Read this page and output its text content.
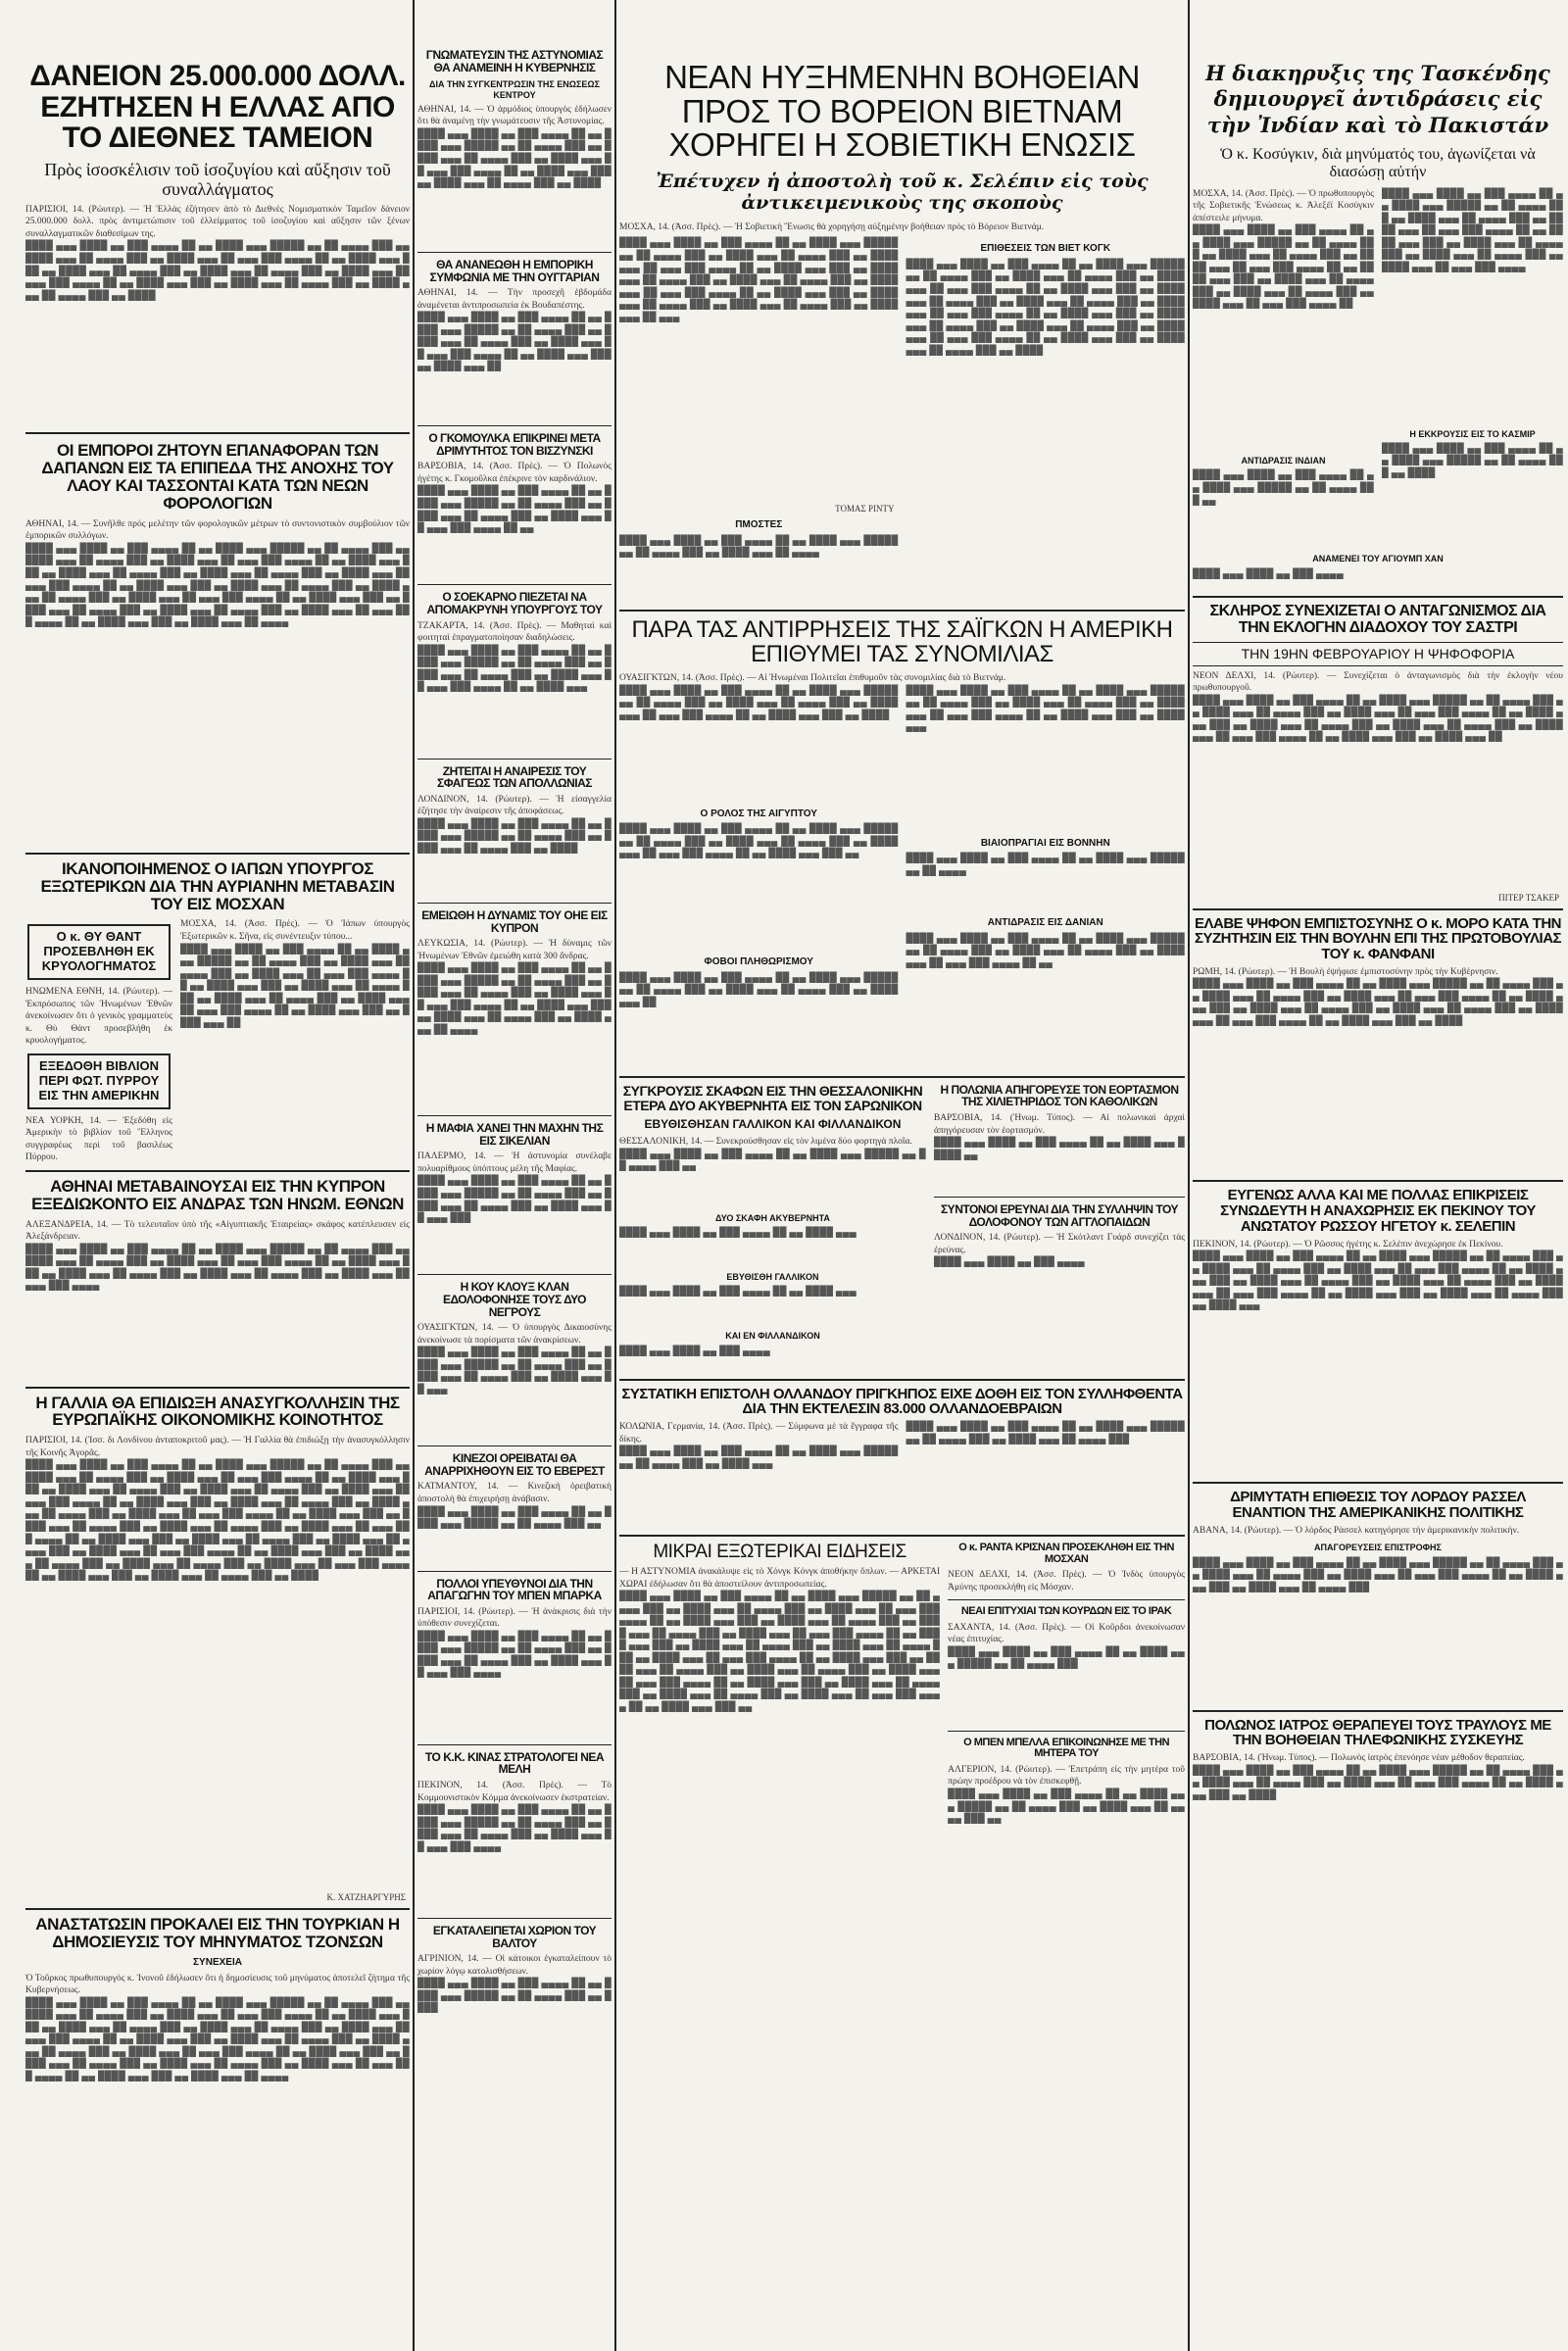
ΔΑΝΕΙΟΝ 25.000.000 ΔΟΛΛ. ΕΖΗΤΗΣΕΝ Η ΕΛΛΑΣ ΑΠΟ ΤΟ ΔΙΕΘΝΕΣ ΤΑΜΕΙΟΝ
Πρὸς ἰσοσκέλισιν τοῦ ἰσοζυγίου καὶ αὔξησιν τοῦ συναλλάγματος

ΠΑΡΙΣΙΟΙ, 14. (Ρώυτερ). — Ἡ Ἑλλὰς ἐζήτησεν ἀπὸ τὸ Διεθνὲς Νομισματικὸν Ταμεῖον δάνειον 25.000.000 δολλ. πρὸς ἀντιμετώπισιν τοῦ ἐλλείμματος τοῦ ἰσοζυγίου καὶ αὔξησιν τῶν ξένων συναλλαγματικῶν διαθεσίμων της.

████ ▄▄▄ ████ ▄▄ ███ ▄▄▄▄ ██ ▄▄ ████ ▄▄▄ █████ ▄▄ ██ ▄▄▄▄ ███ ▄▄ ████ ▄▄▄ ██ ▄▄▄▄ ███ ▄▄ ████ ▄▄▄ ██ ▄▄▄ ███ ▄▄▄▄ ██ ▄▄ ████ ▄▄▄ ███ ▄▄ ████ ▄▄▄ ██ ▄▄▄▄ ███ ▄▄ ████ ▄▄▄ ██ ▄▄▄▄ ███ ▄▄ ████ ▄▄▄ ██ ▄▄▄ ███ ▄▄▄▄ ██ ▄▄ ████ ▄▄▄ ███ ▄▄ ████ ▄▄▄ ██ ▄▄▄▄ ███ ▄▄ ████ ▄▄▄ ██ ▄▄▄▄ ███ ▄▄ ████

ΟΙ ΕΜΠΟΡΟΙ ΖΗΤΟΥΝ ΕΠΑΝΑΦΟΡΑΝ ΤΩΝ ΔΑΠΑΝΩΝ ΕΙΣ ΤΑ ΕΠΙΠΕΔΑ ΤΗΣ ΑΝΟΧΗΣ ΤΟΥ ΛΑΟΥ ΚΑΙ ΤΑΣΣΟΝΤΑΙ ΚΑΤΑ ΤΩΝ ΝΕΩΝ ΦΟΡΟΛΟΓΙΩΝ

ΑΘΗΝΑΙ, 14. — Συνῆλθε πρὸς μελέτην τῶν φορολογικῶν μέτρων τὸ συντονιστικὸν συμβούλιον τῶν ἐμπορικῶν συλλόγων.

████ ▄▄▄ ████ ▄▄ ███ ▄▄▄▄ ██ ▄▄ ████ ▄▄▄ █████ ▄▄ ██ ▄▄▄▄ ███ ▄▄ ████ ▄▄▄ ██ ▄▄▄▄ ███ ▄▄ ████ ▄▄▄ ██ ▄▄▄ ███ ▄▄▄▄ ██ ▄▄ ████ ▄▄▄ ███ ▄▄ ████ ▄▄▄ ██ ▄▄▄▄ ███ ▄▄ ████ ▄▄▄ ██ ▄▄▄▄ ███ ▄▄ ████ ▄▄▄ ██ ▄▄▄ ███ ▄▄▄▄ ██ ▄▄ ████ ▄▄▄ ███ ▄▄ ████ ▄▄▄ ██ ▄▄▄▄ ███ ▄▄ ████ ▄▄▄ ██ ▄▄▄▄ ███ ▄▄ ████ ▄▄▄ ██ ▄▄▄ ███ ▄▄▄▄ ██ ▄▄ ████ ▄▄▄ ███ ▄▄ ████ ▄▄▄ ██ ▄▄▄▄ ███ ▄▄ ████ ▄▄▄ ██ ▄▄▄▄ ███ ▄▄ ████ ▄▄▄ ██ ▄▄▄ ███ ▄▄▄▄ ██ ▄▄ ████ ▄▄▄ ███ ▄▄ ████ ▄▄▄ ██ ▄▄▄▄

ΙΚΑΝΟΠΟΙΗΜΕΝΟΣ Ο ΙΑΠΩΝ ΥΠΟΥΡΓΟΣ ΕΞΩΤΕΡΙΚΩΝ ΔΙΑ ΤΗΝ ΑΥΡΙΑΝΗΝ ΜΕΤΑΒΑΣΙΝ ΤΟΥ ΕΙΣ ΜΟΣΧΑΝ
Ο κ. ΘΥ ΘΑΝΤ ΠΡΟΣΕΒΛΗΘΗ ΕΚ ΚΡΥΟΛΟΓΗΜΑΤΟΣ

ΗΝΩΜΕΝΑ ΕΘΝΗ, 14. (Ρώυτερ). — Ἐκπρόσωπος τῶν Ἡνωμένων Ἐθνῶν ἀνεκοίνωσεν ὅτι ὁ γενικὸς γραμματεὺς κ. Θὺ Θὰντ προσεβλήθη ἐκ κρυολογήματος.

ΕΞΕΔΟΘΗ ΒΙΒΛΙΟΝ ΠΕΡΙ ΦΩΤ. ΠΥΡΡΟΥ ΕΙΣ ΤΗΝ ΑΜΕΡΙΚΗΝ

ΝΕΑ ΥΟΡΚΗ, 14. — Ἐξεδόθη εἰς Ἀμερικὴν τὸ βιβλίον τοῦ Ἕλληνος συγγραφέως περὶ τοῦ βασιλέως Πύρρου.

ΜΟΣΧΑ, 14. (Ἀσσ. Πρὲς). — Ὁ Ἰάπων ὑπουργὸς Ἐξωτερικῶν κ. Σῆνα, εἰς συνέντευξιν τύπου...

████ ▄▄▄ ████ ▄▄ ███ ▄▄▄▄ ██ ▄▄ ████ ▄▄▄ █████ ▄▄ ██ ▄▄▄▄ ███ ▄▄ ████ ▄▄▄ ██ ▄▄▄▄ ███ ▄▄ ████ ▄▄▄ ██ ▄▄▄ ███ ▄▄▄▄ ██ ▄▄ ████ ▄▄▄ ███ ▄▄ ████ ▄▄▄ ██ ▄▄▄▄ ███ ▄▄ ████ ▄▄▄ ██ ▄▄▄▄ ███ ▄▄ ████ ▄▄▄ ██ ▄▄▄ ███ ▄▄▄▄ ██ ▄▄ ████ ▄▄▄ ███ ▄▄ ████ ▄▄▄ ██

ΑΘΗΝΑΙ ΜΕΤΑΒΑΙΝΟΥΣΑΙ ΕΙΣ ΤΗΝ ΚΥΠΡΟΝ ΕΞΕΔΙΩΚΟΝΤΟ ΕΙΣ ΑΝΔΡΑΣ ΤΩΝ ΗΝΩΜ. ΕΘΝΩΝ

ΑΛΕΞΑΝΔΡΕΙΑ, 14. — Τὸ τελευταῖον ὑπὸ τῆς «Αἰγυπτιακῆς Ἐταιρείας» σκάφος κατέπλευσεν εἰς Ἀλεξάνδρειαν.

████ ▄▄▄ ████ ▄▄ ███ ▄▄▄▄ ██ ▄▄ ████ ▄▄▄ █████ ▄▄ ██ ▄▄▄▄ ███ ▄▄ ████ ▄▄▄ ██ ▄▄▄▄ ███ ▄▄ ████ ▄▄▄ ██ ▄▄▄ ███ ▄▄▄▄ ██ ▄▄ ████ ▄▄▄ ███ ▄▄ ████ ▄▄▄ ██ ▄▄▄▄ ███ ▄▄ ████ ▄▄▄ ██ ▄▄▄▄ ███ ▄▄ ████ ▄▄▄ ██ ▄▄▄ ███ ▄▄▄▄

Η ΓΑΛΛΙΑ ΘΑ ΕΠΙΔΙΩΞΗ ΑΝΑΣΥΓΚΟΛΛΗΣΙΝ ΤΗΣ ΕΥΡΩΠΑΪΚΗΣ ΟΙΚΟΝΟΜΙΚΗΣ ΚΟΙΝΟΤΗΤΟΣ

ΠΑΡΙΣΙΟΙ, 14. (Ἰσσ. δι Λονδίνου ἀνταποκριτοῦ μας). — Ἡ Γαλλία θὰ ἐπιδιώξῃ τὴν ἀνασυγκόλλησιν τῆς Κοινῆς Ἀγορᾶς.

████ ▄▄▄ ████ ▄▄ ███ ▄▄▄▄ ██ ▄▄ ████ ▄▄▄ █████ ▄▄ ██ ▄▄▄▄ ███ ▄▄ ████ ▄▄▄ ██ ▄▄▄▄ ███ ▄▄ ████ ▄▄▄ ██ ▄▄▄ ███ ▄▄▄▄ ██ ▄▄ ████ ▄▄▄ ███ ▄▄ ████ ▄▄▄ ██ ▄▄▄▄ ███ ▄▄ ████ ▄▄▄ ██ ▄▄▄▄ ███ ▄▄ ████ ▄▄▄ ██ ▄▄▄ ███ ▄▄▄▄ ██ ▄▄ ████ ▄▄▄ ███ ▄▄ ████ ▄▄▄ ██ ▄▄▄▄ ███ ▄▄ ████ ▄▄▄ ██ ▄▄▄▄ ███ ▄▄ ████ ▄▄▄ ██ ▄▄▄ ███ ▄▄▄▄ ██ ▄▄ ████ ▄▄▄ ███ ▄▄ ████ ▄▄▄ ██ ▄▄▄▄ ███ ▄▄ ████ ▄▄▄ ██ ▄▄▄▄ ███ ▄▄ ████ ▄▄▄ ██ ▄▄▄ ███ ▄▄▄▄ ██ ▄▄ ████ ▄▄▄ ███ ▄▄ ████ ▄▄▄ ██ ▄▄▄▄ ███ ▄▄ ████ ▄▄▄ ██ ▄▄▄▄ ███ ▄▄ ████ ▄▄▄ ██ ▄▄▄ ███ ▄▄▄▄ ██ ▄▄ ████ ▄▄▄ ███ ▄▄ ████ ▄▄▄ ██ ▄▄▄▄ ███ ▄▄ ████ ▄▄▄ ██ ▄▄▄▄ ███ ▄▄ ████ ▄▄▄ ██ ▄▄▄ ███ ▄▄▄▄ ██ ▄▄ ████ ▄▄▄ ███ ▄▄ ████ ▄▄▄ ██ ▄▄▄▄ ███ ▄▄ ████

Κ. ΧΑΤΖΗΑΡΓΥΡΗΣ

ΑΝΑΣΤΑΤΩΣΙΝ ΠΡΟΚΑΛΕΙ ΕΙΣ ΤΗΝ ΤΟΥΡΚΙΑΝ Η ΔΗΜΟΣΙΕΥΣΙΣ ΤΟΥ ΜΗΝΥΜΑΤΟΣ ΤΖΟΝΣΩΝ
ΣΥΝΕΧΕΙΑ

Ὁ Τοῦρκος πρωθυπουργὸς κ. Ἰνονοῦ ἐδήλωσεν ὅτι ἡ δημοσίευσις τοῦ μηνύματος ἀποτελεῖ ζήτημα τῆς Κυβερνήσεως.

████ ▄▄▄ ████ ▄▄ ███ ▄▄▄▄ ██ ▄▄ ████ ▄▄▄ █████ ▄▄ ██ ▄▄▄▄ ███ ▄▄ ████ ▄▄▄ ██ ▄▄▄▄ ███ ▄▄ ████ ▄▄▄ ██ ▄▄▄ ███ ▄▄▄▄ ██ ▄▄ ████ ▄▄▄ ███ ▄▄ ████ ▄▄▄ ██ ▄▄▄▄ ███ ▄▄ ████ ▄▄▄ ██ ▄▄▄▄ ███ ▄▄ ████ ▄▄▄ ██ ▄▄▄ ███ ▄▄▄▄ ██ ▄▄ ████ ▄▄▄ ███ ▄▄ ████ ▄▄▄ ██ ▄▄▄▄ ███ ▄▄ ████ ▄▄▄ ██ ▄▄▄▄ ███ ▄▄ ████ ▄▄▄ ██ ▄▄▄ ███ ▄▄▄▄ ██ ▄▄ ████ ▄▄▄ ███ ▄▄ ████ ▄▄▄ ██ ▄▄▄▄ ███ ▄▄ ████ ▄▄▄ ██ ▄▄▄▄ ███ ▄▄ ████ ▄▄▄ ██ ▄▄▄ ███ ▄▄▄▄ ██ ▄▄ ████ ▄▄▄ ███ ▄▄ ████ ▄▄▄ ██ ▄▄▄▄

ΓΝΩΜΑΤΕΥΣΙΝ ΤΗΣ ΑΣΤΥΝΟΜΙΑΣ ΘΑ ΑΝΑΜΕΙΝΗ Η ΚΥΒΕΡΝΗΣΙΣ
ΔΙΑ ΤΗΝ ΣΥΓΚΕΝΤΡΩΣΙΝ ΤΗΣ ΕΝΩΣΕΩΣ ΚΕΝΤΡΟΥ

ΑΘΗΝΑΙ, 14. — Ὁ ἀρμόδιος ὑπουργὸς ἐδήλωσεν ὅτι θὰ ἀναμένῃ τὴν γνωμάτευσιν τῆς Ἀστυνομίας.

████ ▄▄▄ ████ ▄▄ ███ ▄▄▄▄ ██ ▄▄ ████ ▄▄▄ █████ ▄▄ ██ ▄▄▄▄ ███ ▄▄ ████ ▄▄▄ ██ ▄▄▄▄ ███ ▄▄ ████ ▄▄▄ ██ ▄▄▄ ███ ▄▄▄▄ ██ ▄▄ ████ ▄▄▄ ███ ▄▄ ████ ▄▄▄ ██ ▄▄▄▄ ███ ▄▄ ████

ΘΑ ΑΝΑΝΕΩΘΗ Η ΕΜΠΟΡΙΚΗ ΣΥΜΦΩΝΙΑ ΜΕ ΤΗΝ ΟΥΓΓΑΡΙΑΝ

ΑΘΗΝΑΙ, 14. — Τὴν προσεχῆ ἑβδομάδα ἀναμένεται ἀντιπροσωπεία ἐκ Βουδαπέστης.

████ ▄▄▄ ████ ▄▄ ███ ▄▄▄▄ ██ ▄▄ ████ ▄▄▄ █████ ▄▄ ██ ▄▄▄▄ ███ ▄▄ ████ ▄▄▄ ██ ▄▄▄▄ ███ ▄▄ ████ ▄▄▄ ██ ▄▄▄ ███ ▄▄▄▄ ██ ▄▄ ████ ▄▄▄ ███ ▄▄ ████ ▄▄▄ ██

Ο ΓΚΟΜΟΥΛΚΑ ΕΠΙΚΡΙΝΕΙ ΜΕΤΑ ΔΡΙΜΥΤΗΤΟΣ ΤΟΝ ΒΙΣΖΥΝΣΚΙ

ΒΑΡΣΟΒΙΑ, 14. (Ἀσσ. Πρὲς). — Ὁ Πολωνὸς ἡγέτης κ. Γκομοῦλκα ἐπέκρινε τὸν καρδινάλιον.

████ ▄▄▄ ████ ▄▄ ███ ▄▄▄▄ ██ ▄▄ ████ ▄▄▄ █████ ▄▄ ██ ▄▄▄▄ ███ ▄▄ ████ ▄▄▄ ██ ▄▄▄▄ ███ ▄▄ ████ ▄▄▄ ██ ▄▄▄ ███ ▄▄▄▄ ██ ▄▄

Ο ΣΟΕΚΑΡΝΟ ΠΙΕΖΕΤΑΙ ΝΑ ΑΠΟΜΑΚΡΥΝΗ ΥΠΟΥΡΓΟΥΣ ΤΟΥ

ΤΖΑΚΑΡΤΑ, 14. (Ἀσσ. Πρὲς). — Μαθηταὶ καὶ φοιτηταὶ ἐπραγματοποίησαν διαδηλώσεις.

████ ▄▄▄ ████ ▄▄ ███ ▄▄▄▄ ██ ▄▄ ████ ▄▄▄ █████ ▄▄ ██ ▄▄▄▄ ███ ▄▄ ████ ▄▄▄ ██ ▄▄▄▄ ███ ▄▄ ████ ▄▄▄ ██ ▄▄▄ ███ ▄▄▄▄ ██ ▄▄ ████ ▄▄▄

ΖΗΤΕΙΤΑΙ Η ΑΝΑΙΡΕΣΙΣ ΤΟΥ ΣΦΑΓΕΩΣ ΤΩΝ ΑΠΟΛΛΩΝΙΑΣ

ΛΟΝΔΙΝΟΝ, 14. (Ρώυτερ). — Ἡ εἰσαγγελία ἐζήτησε τὴν ἀναίρεσιν τῆς ἀποφάσεως.

████ ▄▄▄ ████ ▄▄ ███ ▄▄▄▄ ██ ▄▄ ████ ▄▄▄ █████ ▄▄ ██ ▄▄▄▄ ███ ▄▄ ████ ▄▄▄ ██ ▄▄▄▄ ███ ▄▄ ████

ΕΜΕΙΩΘΗ Η ΔΥΝΑΜΙΣ ΤΟΥ ΟΗΕ ΕΙΣ ΚΥΠΡΟΝ

ΛΕΥΚΩΣΙΑ, 14. (Ρώυτερ). — Ἡ δύναμις τῶν Ἡνωμένων Ἐθνῶν ἐμειώθη κατὰ 300 ἄνδρας.

████ ▄▄▄ ████ ▄▄ ███ ▄▄▄▄ ██ ▄▄ ████ ▄▄▄ █████ ▄▄ ██ ▄▄▄▄ ███ ▄▄ ████ ▄▄▄ ██ ▄▄▄▄ ███ ▄▄ ████ ▄▄▄ ██ ▄▄▄ ███ ▄▄▄▄ ██ ▄▄ ████ ▄▄▄ ███ ▄▄ ████ ▄▄▄ ██ ▄▄▄▄ ███ ▄▄ ████ ▄▄▄ ██ ▄▄▄▄

Η ΜΑΦΙΑ ΧΑΝΕΙ ΤΗΝ ΜΑΧΗΝ ΤΗΣ ΕΙΣ ΣΙΚΕΛΙΑΝ

ΠΑΛΕΡΜΟ, 14. — Ἡ ἀστυνομία συνέλαβε πολυαρίθμους ὑπόπτους μέλη τῆς Μαφίας.

████ ▄▄▄ ████ ▄▄ ███ ▄▄▄▄ ██ ▄▄ ████ ▄▄▄ █████ ▄▄ ██ ▄▄▄▄ ███ ▄▄ ████ ▄▄▄ ██ ▄▄▄▄ ███ ▄▄ ████ ▄▄▄ ██ ▄▄▄ ███

Η ΚΟΥ ΚΛΟΥΞ ΚΛΑΝ ΕΔΟΛΟΦΟΝΗΣΕ ΤΟΥΣ ΔΥΟ ΝΕΓΡΟΥΣ

ΟΥΑΣΙΓΚΤΩΝ, 14. — Ὁ ὑπουργὸς Δικαιοσύνης ἀνεκοίνωσε τὰ πορίσματα τῶν ἀνακρίσεων.

████ ▄▄▄ ████ ▄▄ ███ ▄▄▄▄ ██ ▄▄ ████ ▄▄▄ █████ ▄▄ ██ ▄▄▄▄ ███ ▄▄ ████ ▄▄▄ ██ ▄▄▄▄ ███ ▄▄ ████ ▄▄▄ ██ ▄▄▄

ΚΙΝΕΖΟΙ ΟΡΕΙΒΑΤΑΙ ΘΑ ΑΝΑΡΡΙΧΗΘΟΥΝ ΕΙΣ ΤΟ ΕΒΕΡΕΣΤ

ΚΑΤΜΑΝΤΟΥ, 14. — Κινεζικὴ ὀρειβατικὴ ἀποστολὴ θὰ ἐπιχειρήσῃ ἀνάβασιν.

████ ▄▄▄ ████ ▄▄ ███ ▄▄▄▄ ██ ▄▄ ████ ▄▄▄ █████ ▄▄ ██ ▄▄▄▄ ███ ▄▄

ΠΟΛΛΟΙ ΥΠΕΥΘΥΝΟΙ ΔΙΑ ΤΗΝ ΑΠΑΓΩΓΗΝ ΤΟΥ ΜΠΕΝ ΜΠΑΡΚΑ

ΠΑΡΙΣΙΟΙ, 14. (Ρώυτερ). — Ἡ ἀνάκρισις διὰ τὴν ὑπόθεσιν συνεχίζεται.

████ ▄▄▄ ████ ▄▄ ███ ▄▄▄▄ ██ ▄▄ ████ ▄▄▄ █████ ▄▄ ██ ▄▄▄▄ ███ ▄▄ ████ ▄▄▄ ██ ▄▄▄▄ ███ ▄▄ ████ ▄▄▄ ██ ▄▄▄ ███ ▄▄▄▄

ΤΟ Κ.Κ. ΚΙΝΑΣ ΣΤΡΑΤΟΛΟΓΕΙ ΝΕΑ ΜΕΛΗ

ΠΕΚΙΝΟΝ, 14. (Ἀσσ. Πρὲς). — Τὸ Κομμουνιστικὸν Κόμμα ἀνεκοίνωσεν ἐκστρατείαν.

████ ▄▄▄ ████ ▄▄ ███ ▄▄▄▄ ██ ▄▄ ████ ▄▄▄ █████ ▄▄ ██ ▄▄▄▄ ███ ▄▄ ████ ▄▄▄ ██ ▄▄▄▄ ███ ▄▄ ████ ▄▄▄ ██ ▄▄▄ ███ ▄▄▄▄

ΕΓΚΑΤΑΛΕΙΠΕΤΑΙ ΧΩΡΙΟΝ ΤΟΥ ΒΑΛΤΟΥ

ΑΓΡΙΝΙΟΝ, 14. — Οἱ κάτοικοι ἐγκαταλείπουν τὸ χωρίον λόγῳ κατολισθήσεων.

████ ▄▄▄ ████ ▄▄ ███ ▄▄▄▄ ██ ▄▄ ████ ▄▄▄ █████ ▄▄ ██ ▄▄▄▄ ███ ▄▄ ████

ΝΕΑΝ ΗΥΞΗΜΕΝΗΝ ΒΟΗΘΕΙΑΝ ΠΡΟΣ ΤΟ ΒΟΡΕΙΟΝ ΒΙΕΤΝΑΜ ΧΟΡΗΓΕΙ Η ΣΟΒΙΕΤΙΚΗ ΕΝΩΣΙΣ
Ἐπέτυχεν ἡ ἀποστολὴ τοῦ κ. Σελέπιν εἰς τοὺς ἀντικειμενικοὺς της σκοποὺς

ΜΟΣΧΑ, 14. (Ἀσσ. Πρὲς). — Ἡ Σοβιετικὴ Ἕνωσις θὰ χορηγήσῃ αὐξημένην βοήθειαν πρὸς τὸ Βόρειον Βιετνάμ.

████ ▄▄▄ ████ ▄▄ ███ ▄▄▄▄ ██ ▄▄ ████ ▄▄▄ █████ ▄▄ ██ ▄▄▄▄ ███ ▄▄ ████ ▄▄▄ ██ ▄▄▄▄ ███ ▄▄ ████ ▄▄▄ ██ ▄▄▄ ███ ▄▄▄▄ ██ ▄▄ ████ ▄▄▄ ███ ▄▄ ████ ▄▄▄ ██ ▄▄▄▄ ███ ▄▄ ████ ▄▄▄ ██ ▄▄▄▄ ███ ▄▄ ████ ▄▄▄ ██ ▄▄▄ ███ ▄▄▄▄ ██ ▄▄ ████ ▄▄▄ ███ ▄▄ ████ ▄▄▄ ██ ▄▄▄▄ ███ ▄▄ ████ ▄▄▄ ██ ▄▄▄▄ ███ ▄▄ ████ ▄▄▄ ██ ▄▄▄

ΤΟΜΑΣ ΡΙΝΤΥ

ΠΜΟΣΤΕΣ

████ ▄▄▄ ████ ▄▄ ███ ▄▄▄▄ ██ ▄▄ ████ ▄▄▄ █████ ▄▄ ██ ▄▄▄▄ ███ ▄▄ ████ ▄▄▄ ██ ▄▄▄▄

ΕΠΙΘΕΣΕΙΣ ΤΩΝ ΒΙΕΤ ΚΟΓΚ

████ ▄▄▄ ████ ▄▄ ███ ▄▄▄▄ ██ ▄▄ ████ ▄▄▄ █████ ▄▄ ██ ▄▄▄▄ ███ ▄▄ ████ ▄▄▄ ██ ▄▄▄▄ ███ ▄▄ ████ ▄▄▄ ██ ▄▄▄ ███ ▄▄▄▄ ██ ▄▄ ████ ▄▄▄ ███ ▄▄ ████ ▄▄▄ ██ ▄▄▄▄ ███ ▄▄ ████ ▄▄▄ ██ ▄▄▄▄ ███ ▄▄ ████ ▄▄▄ ██ ▄▄▄ ███ ▄▄▄▄ ██ ▄▄ ████ ▄▄▄ ███ ▄▄ ████ ▄▄▄ ██ ▄▄▄▄ ███ ▄▄ ████ ▄▄▄ ██ ▄▄▄▄ ███ ▄▄ ████ ▄▄▄ ██ ▄▄▄ ███ ▄▄▄▄ ██ ▄▄ ████ ▄▄▄ ███ ▄▄ ████ ▄▄▄ ██ ▄▄▄▄ ███ ▄▄ ████

ΠΑΡΑ ΤΑΣ ΑΝΤΙΡΡΗΣΕΙΣ ΤΗΣ ΣΑΪΓΚΩΝ Η ΑΜΕΡΙΚΗ ΕΠΙΘΥΜΕΙ ΤΑΣ ΣΥΝΟΜΙΛΙΑΣ

ΟΥΑΣΙΓΚΤΩΝ, 14. (Ἀσσ. Πρὲς). — Αἱ Ἡνωμέναι Πολιτεῖαι ἐπιθυμοῦν τὰς συνομιλίας διὰ τὸ Βιετνάμ.

████ ▄▄▄ ████ ▄▄ ███ ▄▄▄▄ ██ ▄▄ ████ ▄▄▄ █████ ▄▄ ██ ▄▄▄▄ ███ ▄▄ ████ ▄▄▄ ██ ▄▄▄▄ ███ ▄▄ ████ ▄▄▄ ██ ▄▄▄ ███ ▄▄▄▄ ██ ▄▄ ████ ▄▄▄ ███ ▄▄ ████

Ο ΡΟΛΟΣ ΤΗΣ ΑΙΓΥΠΤΟΥ

████ ▄▄▄ ████ ▄▄ ███ ▄▄▄▄ ██ ▄▄ ████ ▄▄▄ █████ ▄▄ ██ ▄▄▄▄ ███ ▄▄ ████ ▄▄▄ ██ ▄▄▄▄ ███ ▄▄ ████ ▄▄▄ ██ ▄▄▄ ███ ▄▄▄▄ ██ ▄▄ ████ ▄▄▄ ███ ▄▄

ΦΟΒΟΙ ΠΛΗΘΩΡΙΣΜΟΥ

████ ▄▄▄ ████ ▄▄ ███ ▄▄▄▄ ██ ▄▄ ████ ▄▄▄ █████ ▄▄ ██ ▄▄▄▄ ███ ▄▄ ████ ▄▄▄ ██ ▄▄▄▄ ███ ▄▄ ████ ▄▄▄ ██

████ ▄▄▄ ████ ▄▄ ███ ▄▄▄▄ ██ ▄▄ ████ ▄▄▄ █████ ▄▄ ██ ▄▄▄▄ ███ ▄▄ ████ ▄▄▄ ██ ▄▄▄▄ ███ ▄▄ ████ ▄▄▄ ██ ▄▄▄ ███ ▄▄▄▄ ██ ▄▄ ████ ▄▄▄ ███ ▄▄ ████ ▄▄▄

ΒΙΑΙΟΠΡΑΓΙΑΙ ΕΙΣ ΒΟΝΝΗΝ

████ ▄▄▄ ████ ▄▄ ███ ▄▄▄▄ ██ ▄▄ ████ ▄▄▄ █████ ▄▄ ██ ▄▄▄▄

ΑΝΤΙΔΡΑΣΙΣ ΕΙΣ ΔΑΝΙΑΝ

████ ▄▄▄ ████ ▄▄ ███ ▄▄▄▄ ██ ▄▄ ████ ▄▄▄ █████ ▄▄ ██ ▄▄▄▄ ███ ▄▄ ████ ▄▄▄ ██ ▄▄▄▄ ███ ▄▄ ████ ▄▄▄ ██ ▄▄▄ ███ ▄▄▄▄ ██ ▄▄

ΣΥΓΚΡΟΥΣΙΣ ΣΚΑΦΩΝ ΕΙΣ ΤΗΝ ΘΕΣΣΑΛΟΝΙΚΗΝ ΕΤΕΡΑ ΔΥΟ ΑΚΥΒΕΡΝΗΤΑ ΕΙΣ ΤΟΝ ΣΑΡΩΝΙΚΟΝ
ΕΒΥΘΙΣΘΗΣΑΝ ΓΑΛΛΙΚΟΝ ΚΑΙ ΦΙΛΛΑΝΔΙΚΟΝ

ΘΕΣΣΑΛΟΝΙΚΗ, 14. — Συνεκρούσθησαν εἰς τὸν λιμένα δύο φορτηγὰ πλοῖα.

████ ▄▄▄ ████ ▄▄ ███ ▄▄▄▄ ██ ▄▄ ████ ▄▄▄ █████ ▄▄ ██ ▄▄▄▄ ███ ▄▄

ΔΥΟ ΣΚΑΦΗ ΑΚΥΒΕΡΝΗΤΑ

████ ▄▄▄ ████ ▄▄ ███ ▄▄▄▄ ██ ▄▄ ████ ▄▄▄

ΕΒΥΘΙΣΘΗ ΓΑΛΛΙΚΟΝ

████ ▄▄▄ ████ ▄▄ ███ ▄▄▄▄ ██ ▄▄ ████ ▄▄▄

ΚΑΙ ΕΝ ΦΙΛΛΑΝΔΙΚΟΝ

████ ▄▄▄ ████ ▄▄ ███ ▄▄▄▄

Η ΠΟΛΩΝΙΑ ΑΠΗΓΟΡΕΥΣΕ ΤΟΝ ΕΟΡΤΑΣΜΟΝ ΤΗΣ ΧΙΛΙΕΤΗΡΙΔΟΣ ΤΟΝ ΚΑΘΟΛΙΚΩΝ

ΒΑΡΣΟΒΙΑ, 14. (Ἡνωμ. Τύπος). — Αἱ πολωνικαὶ ἀρχαὶ ἀπηγόρευσαν τὸν ἑορτασμόν.

████ ▄▄▄ ████ ▄▄ ███ ▄▄▄▄ ██ ▄▄ ████ ▄▄▄ █████ ▄▄

ΣΥΝΤΟΝΟΙ ΕΡΕΥΝΑΙ ΔΙΑ ΤΗΝ ΣΥΛΛΗΨΙΝ ΤΟΥ ΔΟΛΟΦΟΝΟΥ ΤΩΝ ΑΓΓΛΟΠΑΙΔΩΝ

ΛΟΝΔΙΝΟΝ, 14. (Ρώυτερ). — Ἡ Σκότλαντ Γυάρδ συνεχίζει τὰς ἐρεύνας.

████ ▄▄▄ ████ ▄▄ ███ ▄▄▄▄

ΣΥΣΤΑΤΙΚΗ ΕΠΙΣΤΟΛΗ ΟΛΛΑΝΔΟΥ ΠΡΙΓΚΗΠΟΣ ΕΙΧΕ ΔΟΘΗ ΕΙΣ ΤΟΝ ΣΥΛΛΗΦΘΕΝΤΑ ΔΙΑ ΤΗΝ ΕΚΤΕΛΕΣΙΝ 83.000 ΟΛΛΑΝΔΟΕΒΡΑΙΩΝ

ΚΟΛΩΝΙΑ, Γερμανία, 14. (Ἀσσ. Πρὲς). — Σύμφωνα μὲ τὰ ἔγγραφα τῆς δίκης.

████ ▄▄▄ ████ ▄▄ ███ ▄▄▄▄ ██ ▄▄ ████ ▄▄▄ █████ ▄▄ ██ ▄▄▄▄ ███ ▄▄ ████ ▄▄▄

████ ▄▄▄ ████ ▄▄ ███ ▄▄▄▄ ██ ▄▄ ████ ▄▄▄ █████ ▄▄ ██ ▄▄▄▄ ███ ▄▄ ████ ▄▄▄ ██ ▄▄▄▄ ███

ΜΙΚΡΑΙ ΕΞΩΤΕΡΙΚΑΙ ΕΙΔΗΣΕΙΣ

— Η ΑΣΤΥΝΟΜΙΑ ἀνακάλυψε εἰς τὸ Χόνγκ Κόνγκ ἀποθήκην ὅπλων. — ΑΡΚΕΤΑΙ ΧΩΡΑΙ ἐδήλωσαν ὅτι θὰ ἀποστείλουν ἀντιπροσωπείας.

████ ▄▄▄ ████ ▄▄ ███ ▄▄▄▄ ██ ▄▄ ████ ▄▄▄ █████ ▄▄ ██ ▄▄▄▄ ███ ▄▄ ████ ▄▄▄ ██ ▄▄▄▄ ███ ▄▄ ████ ▄▄▄ ██ ▄▄▄ ███ ▄▄▄▄ ██ ▄▄ ████ ▄▄▄ ███ ▄▄ ████ ▄▄▄ ██ ▄▄▄▄ ███ ▄▄ ████ ▄▄▄ ██ ▄▄▄▄ ███ ▄▄ ████ ▄▄▄ ██ ▄▄▄ ███ ▄▄▄▄ ██ ▄▄ ████ ▄▄▄ ███ ▄▄ ████ ▄▄▄ ██ ▄▄▄▄ ███ ▄▄ ████ ▄▄▄ ██ ▄▄▄▄ ███ ▄▄ ████ ▄▄▄ ██ ▄▄▄ ███ ▄▄▄▄ ██ ▄▄ ████ ▄▄▄ ███ ▄▄ ████ ▄▄▄ ██ ▄▄▄▄ ███ ▄▄ ████ ▄▄▄ ██ ▄▄▄▄ ███ ▄▄ ████ ▄▄▄ ██ ▄▄▄ ███ ▄▄▄▄ ██ ▄▄ ████ ▄▄▄ ███ ▄▄ ████ ▄▄▄ ██ ▄▄▄▄ ███ ▄▄ ████ ▄▄▄ ██ ▄▄▄▄ ███ ▄▄ ████ ▄▄▄ ██ ▄▄▄ ███ ▄▄▄▄ ██ ▄▄ ████ ▄▄▄ ███ ▄▄

Ο κ. ΡΑΝΤΑ ΚΡΙΣΝΑΝ ΠΡΟΣΕΚΛΗΘΗ ΕΙΣ ΤΗΝ ΜΟΣΧΑΝ

ΝΕΟΝ ΔΕΛΧΙ, 14. (Ἀσσ. Πρὲς). — Ὁ Ἰνδὸς ὑπουργὸς Ἀμύνης προσεκλήθη εἰς Μόσχαν.

ΝΕΑΙ ΕΠΙΤΥΧΙΑΙ ΤΩΝ ΚΟΥΡΔΩΝ ΕΙΣ ΤΟ ΙΡΑΚ

ΣΑΧΑΝΤΑ, 14. (Ἀσσ. Πρὲς). — Οἱ Κοῦρδοι ἀνεκοίνωσαν νέας ἐπιτυχίας.

████ ▄▄▄ ████ ▄▄ ███ ▄▄▄▄ ██ ▄▄ ████ ▄▄▄ █████ ▄▄ ██ ▄▄▄▄ ███

Ο ΜΠΕΝ ΜΠΕΛΛΑ ΕΠΙΚΟΙΝΩΝΗΣΕ ΜΕ ΤΗΝ ΜΗΤΕΡΑ ΤΟΥ

ΑΛΓΕΡΙΟΝ, 14. (Ρώυτερ). — Ἐπετράπη εἰς τὴν μητέρα τοῦ πρώην προέδρου νὰ τὸν ἐπισκεφθῇ.

████ ▄▄▄ ████ ▄▄ ███ ▄▄▄▄ ██ ▄▄ ████ ▄▄▄ █████ ▄▄ ██ ▄▄▄▄ ███ ▄▄ ████ ▄▄▄ ██ ▄▄▄▄ ███ ▄▄

Η διακηρυξις της Τασκένδης δημιουργεῖ ἀντιδράσεις εἰς τὴν Ἰνδίαν καὶ τὸ Πακιστάν
Ὁ κ. Κοσύγκιν, διὰ μηνύματός του, ἀγωνίζεται νὰ διασώσῃ αὐτήν

ΜΟΣΧΑ, 14. (Ἀσσ. Πρὲς). — Ὁ πρωθυπουργὸς τῆς Σοβιετικῆς Ἑνώσεως κ. Ἀλεξέϊ Κοσύγκιν ἀπέστειλε μήνυμα.

████ ▄▄▄ ████ ▄▄ ███ ▄▄▄▄ ██ ▄▄ ████ ▄▄▄ █████ ▄▄ ██ ▄▄▄▄ ███ ▄▄ ████ ▄▄▄ ██ ▄▄▄▄ ███ ▄▄ ████ ▄▄▄ ██ ▄▄▄ ███ ▄▄▄▄ ██ ▄▄ ████ ▄▄▄ ███ ▄▄ ████ ▄▄▄ ██ ▄▄▄▄ ███ ▄▄ ████ ▄▄▄ ██ ▄▄▄▄ ███ ▄▄ ████ ▄▄▄ ██ ▄▄▄ ███ ▄▄▄▄ ██

ΑΝΤΙΔΡΑΣΙΣ ΙΝΔΙΑΝ

████ ▄▄▄ ████ ▄▄ ███ ▄▄▄▄ ██ ▄▄ ████ ▄▄▄ █████ ▄▄ ██ ▄▄▄▄ ███ ▄▄

████ ▄▄▄ ████ ▄▄ ███ ▄▄▄▄ ██ ▄▄ ████ ▄▄▄ █████ ▄▄ ██ ▄▄▄▄ ███ ▄▄ ████ ▄▄▄ ██ ▄▄▄▄ ███ ▄▄ ████ ▄▄▄ ██ ▄▄▄ ███ ▄▄▄▄ ██ ▄▄ ████ ▄▄▄ ███ ▄▄ ████ ▄▄▄ ██ ▄▄▄▄ ███ ▄▄ ████ ▄▄▄ ██ ▄▄▄▄ ███ ▄▄ ████ ▄▄▄ ██ ▄▄▄ ███ ▄▄▄▄

Η ΕΚΚΡΟΥΣΙΣ ΕΙΣ ΤΟ ΚΑΣΜΙΡ

████ ▄▄▄ ████ ▄▄ ███ ▄▄▄▄ ██ ▄▄ ████ ▄▄▄ █████ ▄▄ ██ ▄▄▄▄ ███ ▄▄ ████

ΑΝΑΜΕΝΕΙ ΤΟΥ ΑΓΙΟΥΜΠ ΧΑΝ

████ ▄▄▄ ████ ▄▄ ███ ▄▄▄▄

ΣΚΛΗΡΟΣ ΣΥΝΕΧΙΖΕΤΑΙ Ο ΑΝΤΑΓΩΝΙΣΜΟΣ ΔΙΑ ΤΗΝ ΕΚΛΟΓΗΝ ΔΙΑΔΟΧΟΥ ΤΟΥ ΣΑΣΤΡΙ
ΤΗΝ 19ΗΝ ΦΕΒΡΟΥΑΡΙΟΥ Η ΨΗΦΟΦΟΡΙΑ

ΝΕΟΝ ΔΕΛΧΙ, 14. (Ρώυτερ). — Συνεχίζεται ὁ ἀνταγωνισμὸς διὰ τὴν ἐκλογὴν νέου πρωθυπουργοῦ.

████ ▄▄▄ ████ ▄▄ ███ ▄▄▄▄ ██ ▄▄ ████ ▄▄▄ █████ ▄▄ ██ ▄▄▄▄ ███ ▄▄ ████ ▄▄▄ ██ ▄▄▄▄ ███ ▄▄ ████ ▄▄▄ ██ ▄▄▄ ███ ▄▄▄▄ ██ ▄▄ ████ ▄▄▄ ███ ▄▄ ████ ▄▄▄ ██ ▄▄▄▄ ███ ▄▄ ████ ▄▄▄ ██ ▄▄▄▄ ███ ▄▄ ████ ▄▄▄ ██ ▄▄▄ ███ ▄▄▄▄ ██ ▄▄ ████ ▄▄▄ ███ ▄▄ ████ ▄▄▄ ██

ΠΙΤΕΡ ΤΣΑΚΕΡ

ΕΛΑΒΕ ΨΗΦΟΝ ΕΜΠΙΣΤΟΣΥΝΗΣ Ο κ. ΜΟΡΟ ΚΑΤΑ ΤΗΝ ΣΥΖΗΤΗΣΙΝ ΕΙΣ ΤΗΝ ΒΟΥΛΗΝ ΕΠΙ ΤΗΣ ΠΡΩΤΟΒΟΥΛΙΑΣ ΤΟΥ κ. ΦΑΝΦΑΝΙ

ΡΩΜΗ, 14. (Ρώυτερ). — Ἡ Βουλὴ ἐψήφισε ἐμπιστοσύνην πρὸς τὴν Κυβέρνησιν.

████ ▄▄▄ ████ ▄▄ ███ ▄▄▄▄ ██ ▄▄ ████ ▄▄▄ █████ ▄▄ ██ ▄▄▄▄ ███ ▄▄ ████ ▄▄▄ ██ ▄▄▄▄ ███ ▄▄ ████ ▄▄▄ ██ ▄▄▄ ███ ▄▄▄▄ ██ ▄▄ ████ ▄▄▄ ███ ▄▄ ████ ▄▄▄ ██ ▄▄▄▄ ███ ▄▄ ████ ▄▄▄ ██ ▄▄▄▄ ███ ▄▄ ████ ▄▄▄ ██ ▄▄▄ ███ ▄▄▄▄ ██ ▄▄ ████ ▄▄▄ ███ ▄▄ ████

ΕΥΓΕΝΩΣ ΑΛΛΑ ΚΑΙ ΜΕ ΠΟΛΛΑΣ ΕΠΙΚΡΙΣΕΙΣ ΣΥΝΩΔΕΥΤΗ Η ΑΝΑΧΩΡΗΣΙΣ ΕΚ ΠΕΚΙΝΟΥ ΤΟΥ ΑΝΩΤΑΤΟΥ ΡΩΣΣΟΥ ΗΓΕΤΟΥ κ. ΣΕΛΕΠΙΝ

ΠΕΚΙΝΟΝ, 14. (Ρώυτερ). — Ὁ Ρῶσσος ἡγέτης κ. Σελέπιν ἀνεχώρησε ἐκ Πεκίνου.

████ ▄▄▄ ████ ▄▄ ███ ▄▄▄▄ ██ ▄▄ ████ ▄▄▄ █████ ▄▄ ██ ▄▄▄▄ ███ ▄▄ ████ ▄▄▄ ██ ▄▄▄▄ ███ ▄▄ ████ ▄▄▄ ██ ▄▄▄ ███ ▄▄▄▄ ██ ▄▄ ████ ▄▄▄ ███ ▄▄ ████ ▄▄▄ ██ ▄▄▄▄ ███ ▄▄ ████ ▄▄▄ ██ ▄▄▄▄ ███ ▄▄ ████ ▄▄▄ ██ ▄▄▄ ███ ▄▄▄▄ ██ ▄▄ ████ ▄▄▄ ███ ▄▄ ████ ▄▄▄ ██ ▄▄▄▄ ███ ▄▄ ████ ▄▄▄

ΔΡΙΜΥΤΑΤΗ ΕΠΙΘΕΣΙΣ ΤΟΥ ΛΟΡΔΟΥ ΡΑΣΣΕΛ ΕΝΑΝΤΙΟΝ ΤΗΣ ΑΜΕΡΙΚΑΝΙΚΗΣ ΠΟΛΙΤΙΚΗΣ

ΑΒΑΝΑ, 14. (Ρώυτερ). — Ὁ λόρδος Ρὰσσελ κατηγόρησε τὴν ἀμερικανικὴν πολιτικήν.

ΑΠΑΓΟΡΕΥΣΕΙΣ ΕΠΙΣΤΡΟΦΗΣ

████ ▄▄▄ ████ ▄▄ ███ ▄▄▄▄ ██ ▄▄ ████ ▄▄▄ █████ ▄▄ ██ ▄▄▄▄ ███ ▄▄ ████ ▄▄▄ ██ ▄▄▄▄ ███ ▄▄ ████ ▄▄▄ ██ ▄▄▄ ███ ▄▄▄▄ ██ ▄▄ ████ ▄▄▄ ███ ▄▄ ████ ▄▄▄ ██ ▄▄▄▄ ███

ΠΟΛΩΝΟΣ ΙΑΤΡΟΣ ΘΕΡΑΠΕΥΕΙ ΤΟΥΣ ΤΡΑΥΛΟΥΣ ΜΕ ΤΗΝ ΒΟΗΘΕΙΑΝ ΤΗΛΕΦΩΝΙΚΗΣ ΣΥΣΚΕΥΗΣ

ΒΑΡΣΟΒΙΑ, 14. (Ἡνωμ. Τύπος). — Πολωνὸς ἰατρὸς ἐπενόησε νέαν μέθοδον θεραπείας.

████ ▄▄▄ ████ ▄▄ ███ ▄▄▄▄ ██ ▄▄ ████ ▄▄▄ █████ ▄▄ ██ ▄▄▄▄ ███ ▄▄ ████ ▄▄▄ ██ ▄▄▄▄ ███ ▄▄ ████ ▄▄▄ ██ ▄▄▄ ███ ▄▄▄▄ ██ ▄▄ ████ ▄▄▄ ███ ▄▄ ████
